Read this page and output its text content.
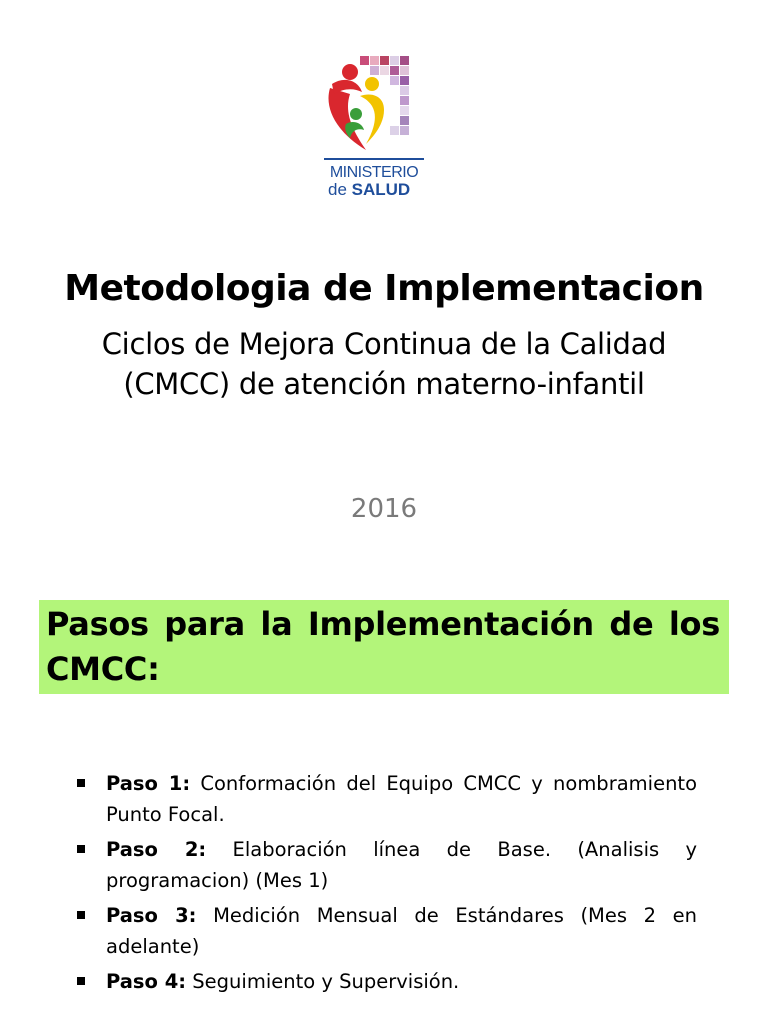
MINISTERIO
de SALUD
Metodologia de Implementacion
Ciclos de Mejora Continua de la Calidad
(CMCC) de atención materno-infantil
2016
Pasos para la Implementación de los CMCC:
Paso 1: Conformación del Equipo CMCC y nombramiento Punto Focal.
Paso 2: Elaboración línea de Base. (Analisis y programacion) (Mes 1)
Paso 3: Medición Mensual de Estándares (Mes 2 en adelante)
Paso 4: Seguimiento y Supervisión.
